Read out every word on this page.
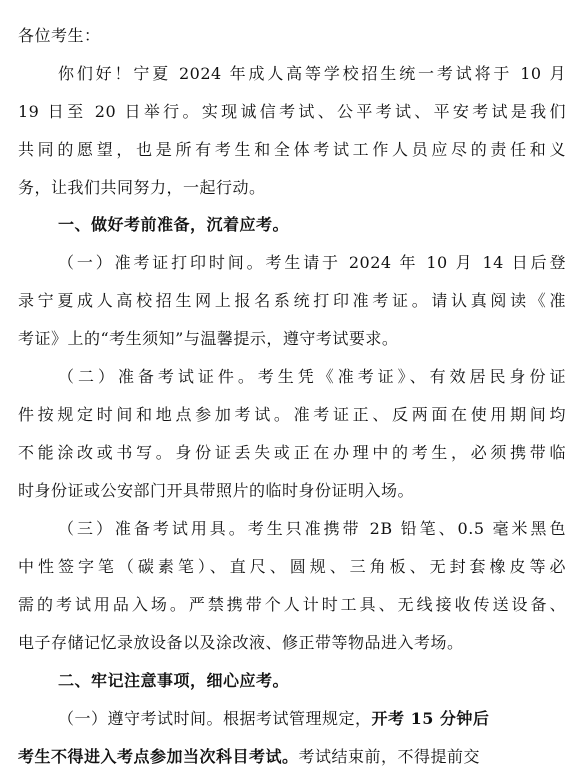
各位考生：
你们好！宁夏 2024 年成人高等学校招生统一考试将于 10 月
19 日至 20 日举行。实现诚信考试、公平考试、平安考试是我们
共同的愿望，也是所有考生和全体考试工作人员应尽的责任和义
务，让我们共同努力，一起行动。
一、做好考前准备，沉着应考。
（一）准考证打印时间。考生请于 2024 年 10 月 14 日后登
录宁夏成人高校招生网上报名系统打印准考证。请认真阅读《准
考证》上的“考生须知”与温馨提示，遵守考试要求。
（二）准备考试证件。考生凭《准考证》、有效居民身份证
件按规定时间和地点参加考试。准考证正、反两面在使用期间均
不能涂改或书写。身份证丢失或正在办理中的考生，必须携带临
时身份证或公安部门开具带照片的临时身份证明入场。
（三）准备考试用具。考生只准携带 2B 铅笔、0.5 毫米黑色
中性签字笔（碳素笔）、直尺、圆规、三角板、无封套橡皮等必
需的考试用品入场。严禁携带个人计时工具、无线接收传送设备、
电子存储记忆录放设备以及涂改液、修正带等物品进入考场。
二、牢记注意事项，细心应考。
（一）遵守考试时间。根据考试管理规定，开考 15 分钟后
考生不得进入考点参加当次科目考试。考试结束前，不得提前交
